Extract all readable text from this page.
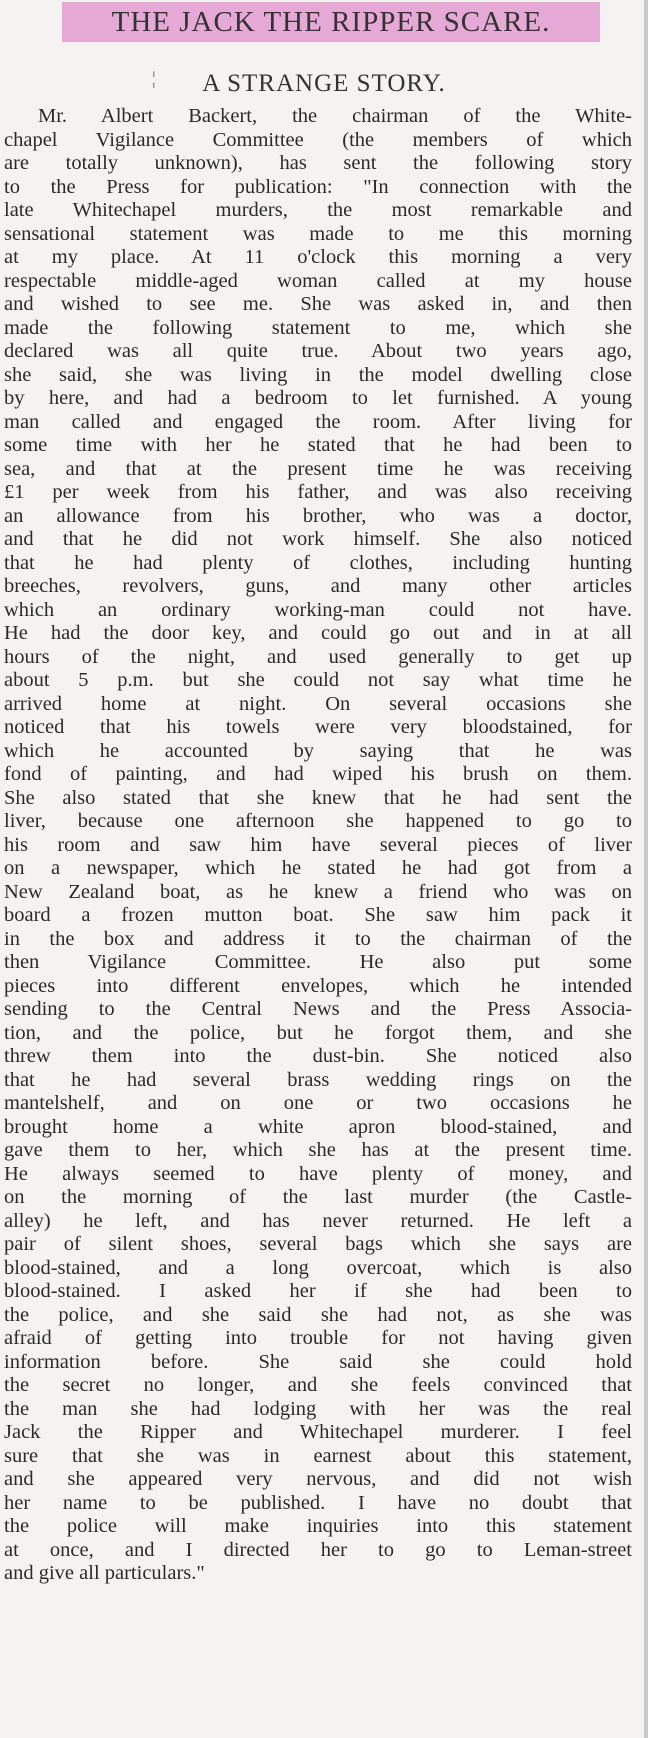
THE JACK THE RIPPER SCARE.
¦	A STRANGE STORY.
Mr. Albert Backert, the chairman of the White-
chapel Vigilance Committee (the members of which
are totally unknown), has sent the following story
to the Press for publication: "In connection with the
late Whitechapel murders, the most remarkable and
sensational statement was made to me this morning
at my place. At 11 o'clock this morning a very
respectable middle-aged woman called at my house
and wished to see me. She was asked in, and then
made the following statement to me, which she
declared was all quite true. About two years ago,
she said, she was living in the model dwelling close
by here, and had a bedroom to let furnished. A young
man called and engaged the room. After living for
some time with her he stated that he had been to
sea, and that at the present time he was receiving
£1 per week from his father, and was also receiving
an allowance from his brother, who was a doctor,
and that he did not work himself. She also noticed
that he had plenty of clothes, including hunting
breeches, revolvers, guns, and many other articles
which an ordinary working-man could not have.
He had the door key, and could go out and in at all
hours of the night, and used generally to get up
about 5 p.m. but she could not say what time he
arrived home at night. On several occasions she
noticed that his towels were very bloodstained, for
which he accounted by saying that he was
fond of painting, and had wiped his brush on them.
She also stated that she knew that he had sent the
liver, because one afternoon she happened to go to
his room and saw him have several pieces of liver
on a newspaper, which he stated he had got from a
New Zealand boat, as he knew a friend who was on
board a frozen mutton boat. She saw him pack it
in the box and address it to the chairman of the
then Vigilance Committee. He also put some
pieces into different envelopes, which he intended
sending to the Central News and the Press Associa-
tion, and the police, but he forgot them, and she
threw them into the dust-bin. She noticed also
that he had several brass wedding rings on the
mantelshelf, and on one or two occasions he
brought home a white apron blood-stained, and
gave them to her, which she has at the present time.
He always seemed to have plenty of money, and
on the morning of the last murder (the Castle-
alley) he left, and has never returned. He left a
pair of silent shoes, several bags which she says are
blood-stained, and a long overcoat, which is also
blood-stained. I asked her if she had been to
the police, and she said she had not, as she was
afraid of getting into trouble for not having given
information before. She said she could hold
the secret no longer, and she feels convinced that
the man she had lodging with her was the real
Jack the Ripper and Whitechapel murderer. I feel
sure that she was in earnest about this statement,
and she appeared very nervous, and did not wish
her name to be published. I have no doubt that
the police will make inquiries into this statement
at once, and I directed her to go to Leman-street
and give all particulars."
